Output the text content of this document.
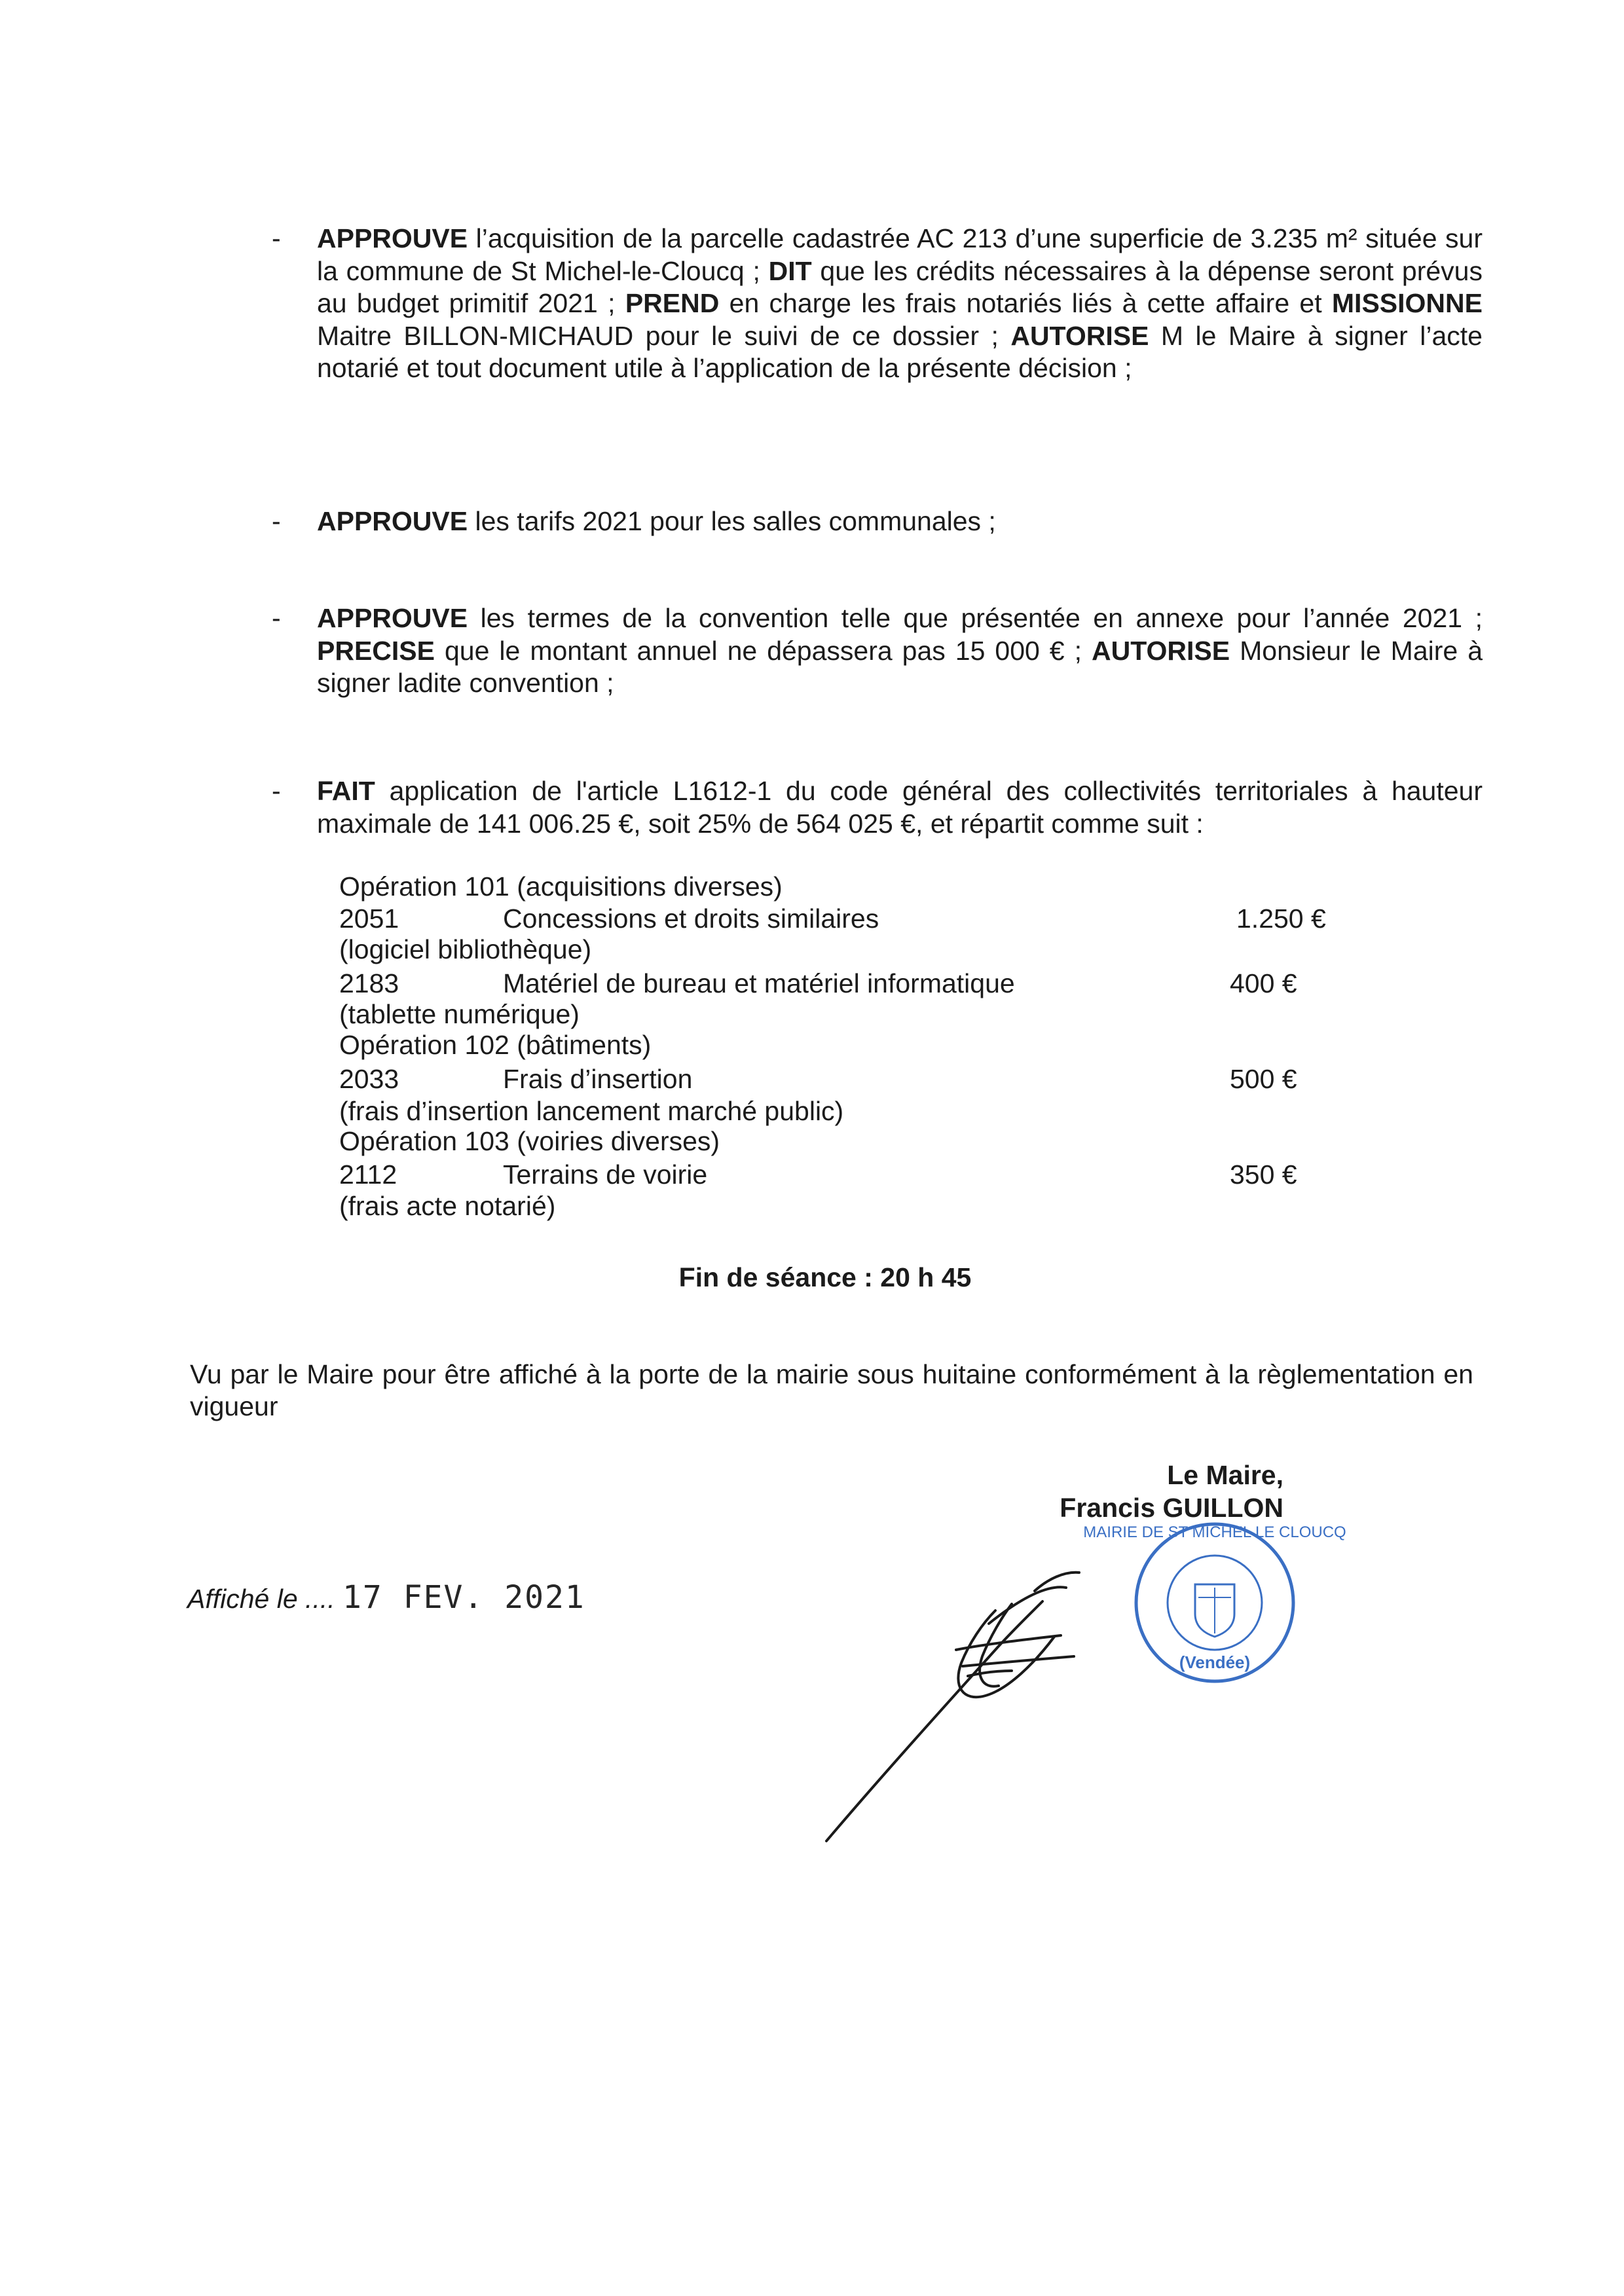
- APPROUVE l’acquisition de la parcelle cadastrée AC 213 d’une superficie de 3.235 m² située sur la commune de St Michel-le-Cloucq ; DIT que les crédits nécessaires à la dépense seront prévus au budget primitif 2021 ; PREND en charge les frais notariés liés à cette affaire et MISSIONNE Maitre BILLON-MICHAUD pour le suivi de ce dossier ; AUTORISE M le Maire à signer l’acte notarié et tout document utile à l’application de la présente décision ;

- APPROUVE les tarifs 2021 pour les salles communales ;

- APPROUVE les termes de la convention telle que présentée en annexe pour l’année 2021 ; PRECISE que le montant annuel ne dépassera pas 15 000 € ; AUTORISE Monsieur le Maire à signer ladite convention ;

- FAIT application de l'article L1612-1 du code général des collectivités territoriales à hauteur maximale de 141 006.25 €, soit 25% de 564 025 €, et répartit comme suit :

Opération 101 (acquisitions diverses)
2051	Concessions et droits similaires	1.250 €
(logiciel bibliothèque)
2183	Matériel de bureau et matériel informatique	400 €
(tablette numérique)
Opération 102 (bâtiments)
2033	Frais d’insertion	500 €
(frais d’insertion lancement marché public)
Opération 103 (voiries diverses)
2112	Terrains de voirie	350 €
(frais acte notarié)
Fin de séance : 20 h 45

Vu par le Maire pour être affiché à la porte de la mairie sous huitaine conformément à la règlementation en vigueur

Le Maire,
Francis GUILLON
Affiché le .... 17 FEV. 2021
MAIRIE DE ST MICHEL LE CLOUCQ
(Vendée)
